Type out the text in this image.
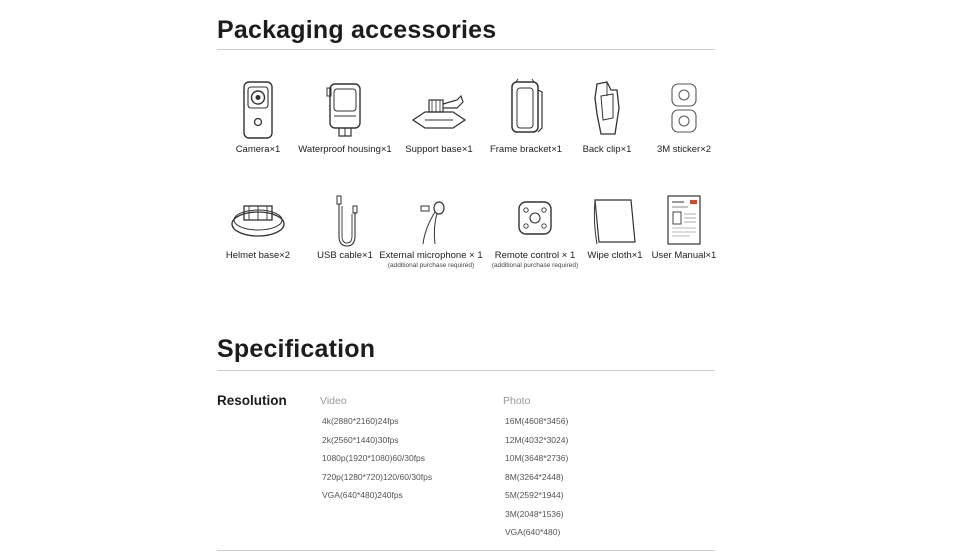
Packaging accessories
Camera×1	Waterproof housing×1	Support base×1	Frame bracket×1	Back clip×1	3M sticker×2
Helmet base×2	USB cable×1 External microphone × 1
(additional purchase required)
Remote control × 1
(additional purchase required)
Wipe cloth×1 User Manual×1
Specification
Resolution	Video
4k(2880*2160)24fps
2k(2560*1440)30fps
1080p(1920*1080)60/30fps
720p(1280*720)120/60/30fps
VGA(640*480)240fps
Photo
16M(4608*3456)
12M(4032*3024)
10M(3648*2736)
8M(3264*2448)
5M(2592*1944)
3M(2048*1536)
VGA(640*480)
